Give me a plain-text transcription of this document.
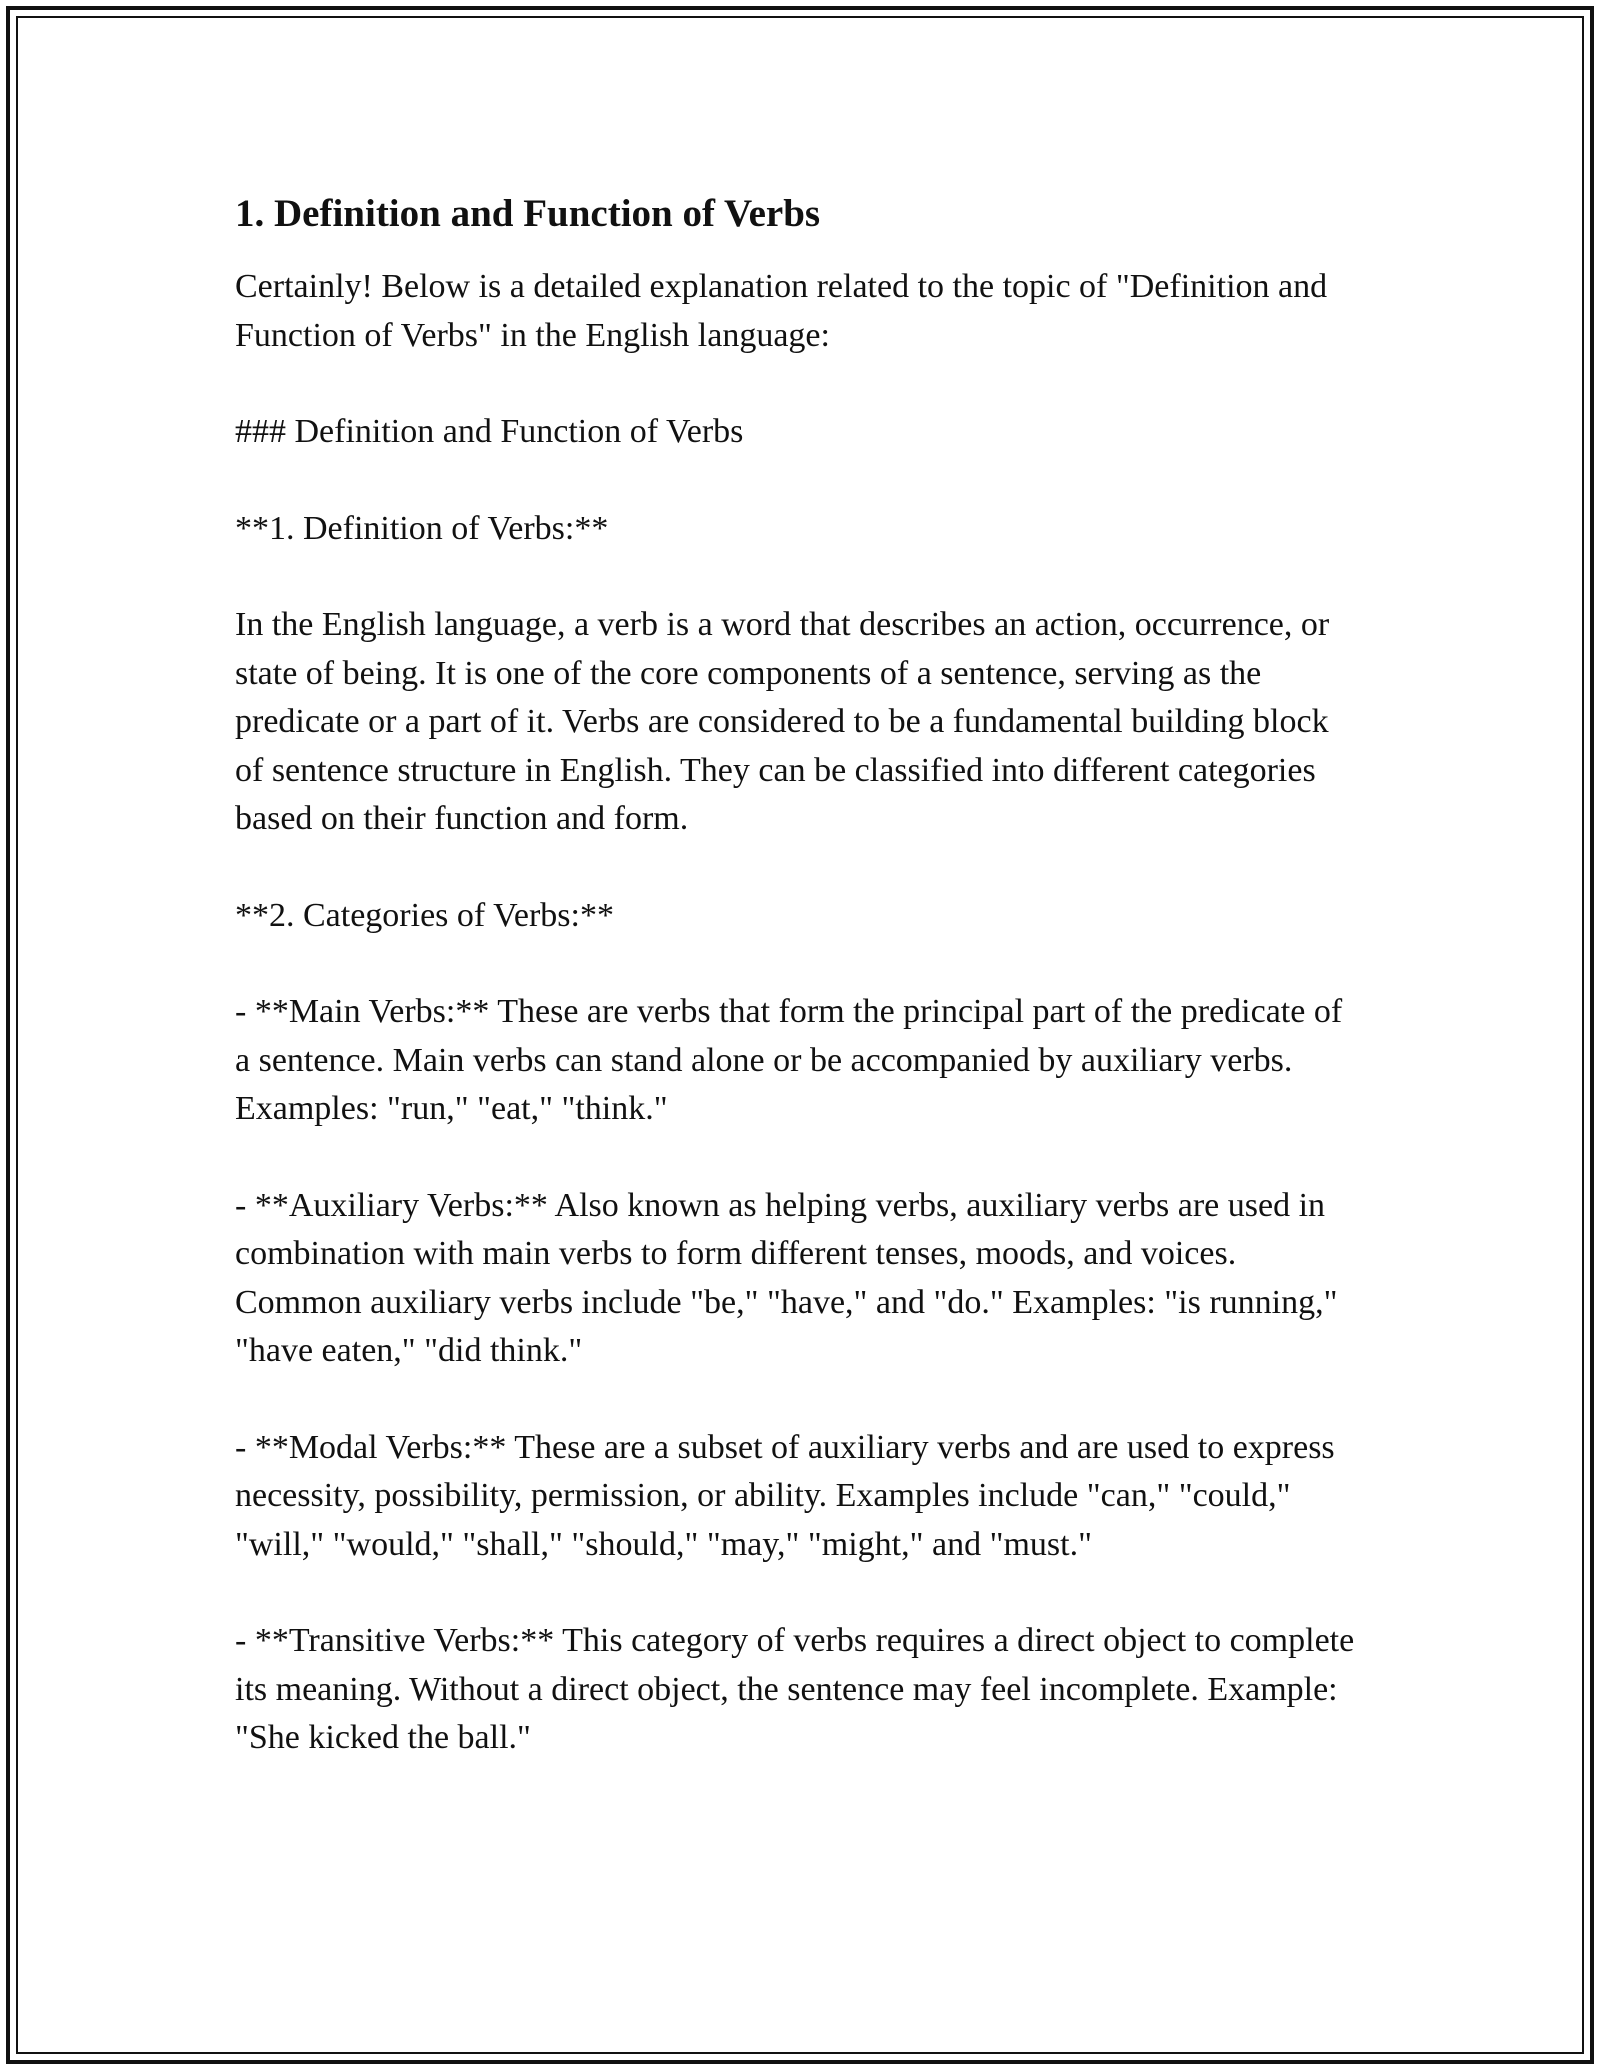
1. Definition and Function of Verbs

Certainly! Below is a detailed explanation related to the topic of "Definition and Function of Verbs" in the English language:

### Definition and Function of Verbs

**1. Definition of Verbs:**

In the English language, a verb is a word that describes an action, occurrence, or state of being. It is one of the core components of a sentence, serving as the predicate or a part of it. Verbs are considered to be a fundamental building block of sentence structure in English. They can be classified into different categories based on their function and form.

**2. Categories of Verbs:**

- **Main Verbs:** These are verbs that form the principal part of the predicate of a sentence. Main verbs can stand alone or be accompanied by auxiliary verbs. Examples: "run," "eat," "think."

- **Auxiliary Verbs:** Also known as helping verbs, auxiliary verbs are used in combination with main verbs to form different tenses, moods, and voices. Common auxiliary verbs include "be," "have," and "do." Examples: "is running," "have eaten," "did think."

- **Modal Verbs:** These are a subset of auxiliary verbs and are used to express necessity, possibility, permission, or ability. Examples include "can," "could," "will," "would," "shall," "should," "may," "might," and "must."

- **Transitive Verbs:** This category of verbs requires a direct object to complete its meaning. Without a direct object, the sentence may feel incomplete. Example: "She kicked the ball."
